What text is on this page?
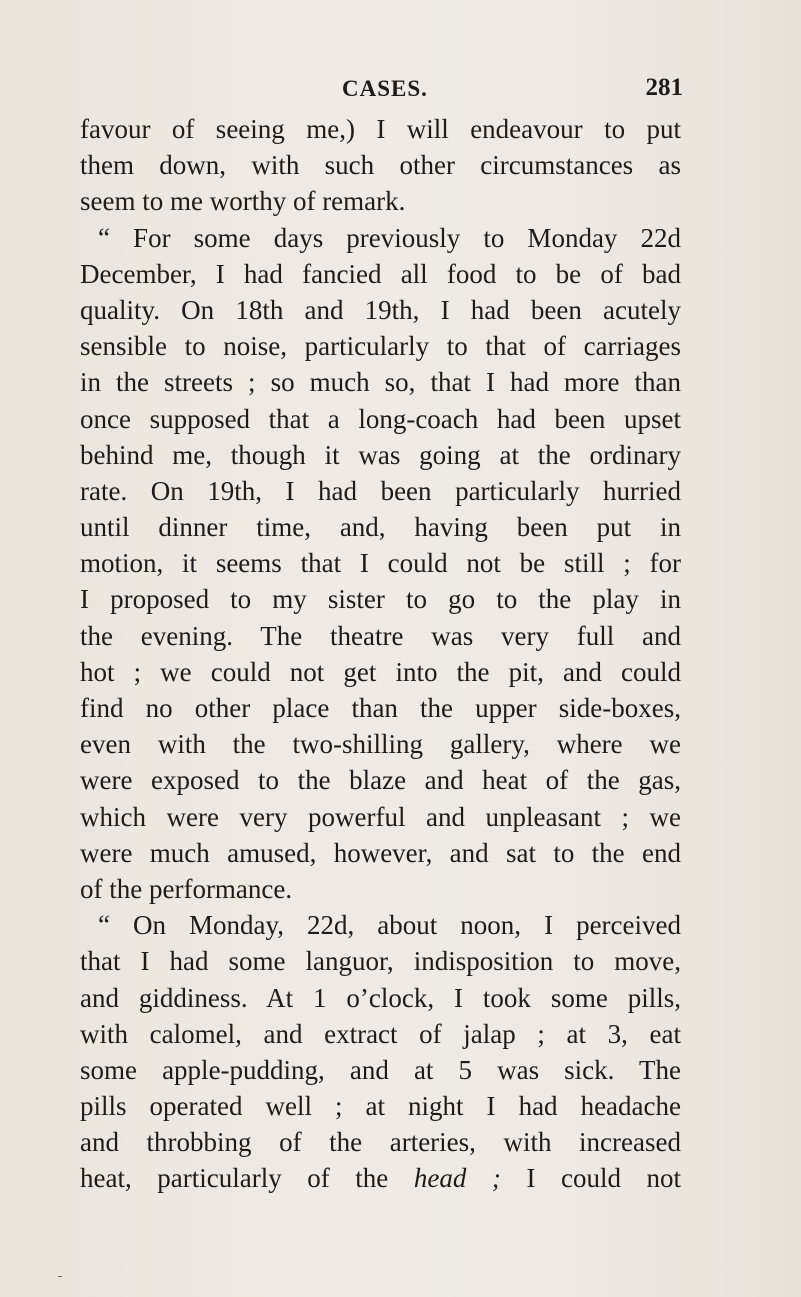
CASES.	281
favour of seeing me,) I will endeavour to put
them down, with such other circumstances as
seem to me worthy of remark.
“ For some days previously to Monday 22d
December, I had fancied all food to be of bad
quality. On 18th and 19th, I had been acutely
sensible to noise, particularly to that of carriages
in the streets ; so much so, that I had more than
once supposed that a long-coach had been upset
behind me, though it was going at the ordinary
rate. On 19th, I had been particularly hurried
until dinner time, and, having been put in
motion, it seems that I could not be still ; for
I proposed to my sister to go to the play in
the evening. The theatre was very full and
hot ; we could not get into the pit, and could
find no other place than the upper side-boxes,
even with the two-shilling gallery, where we
were exposed to the blaze and heat of the gas,
which were very powerful and unpleasant ; we
were much amused, however, and sat to the end
of the performance.
“ On Monday, 22d, about noon, I perceived
that I had some languor, indisposition to move,
and giddiness. At 1 o’clock, I took some pills,
with calomel, and extract of jalap ; at 3, eat
some apple-pudding, and at 5 was sick. The
pills operated well ; at night I had headache
and throbbing of the arteries, with increased
heat, particularly of the head ; I could not
